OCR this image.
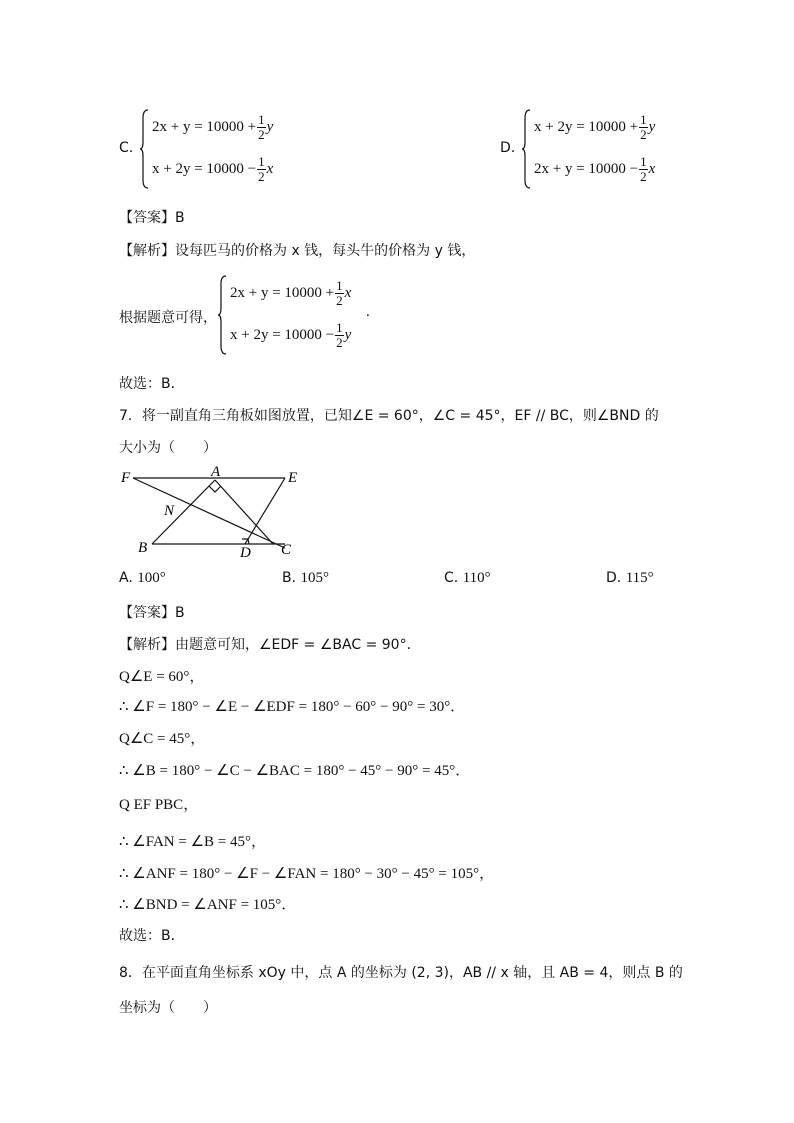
C.
$2x + y = 10000 + \frac{1}{2}$ y
$x + 2y = 10000 - \frac{1}{2}$ x
D.
$x + 2y = 10000 + \frac{1}{2}$ y
$2x + y = 10000 - \frac{1}{2}$ x
【答案】B
【解析】设每匹马的价格为 x 钱，每头牛的价格为 y 钱，
根据题意可得，
$2x + y = 10000 + \frac{1}{2}$ x
$x + 2y = 10000 - \frac{1}{2}$ y
.
故选：B．
7．将一副直角三角板如图放置，已知∠E = 60°，∠C = 45°，EF // BC，则∠BND 的
大小为（　　）
F	A	E
N
B	D C
A. 100°	B. 105°	C. 110°	D. 115°
【答案】B
【解析】由题意可知，∠EDF = ∠BAC = 90°．
Q∠E = 60°，
∴ ∠F = 180° − ∠E − ∠EDF = 180° − 60° − 90° = 30°．
Q∠C = 45°，
∴ ∠B = 180° − ∠C − ∠BAC = 180° − 45° − 90° = 45°．
Q EF PBC，
∴ ∠FAN = ∠B = 45°，
∴ ∠ANF = 180° − ∠F − ∠FAN = 180° − 30° − 45° = 105°，
∴ ∠BND = ∠ANF = 105°．
故选：B．
8．在平面直角坐标系 xOy 中，点 A 的坐标为 (2, 3)，AB // x 轴，且 AB = 4，则点 B 的
坐标为（　　）
